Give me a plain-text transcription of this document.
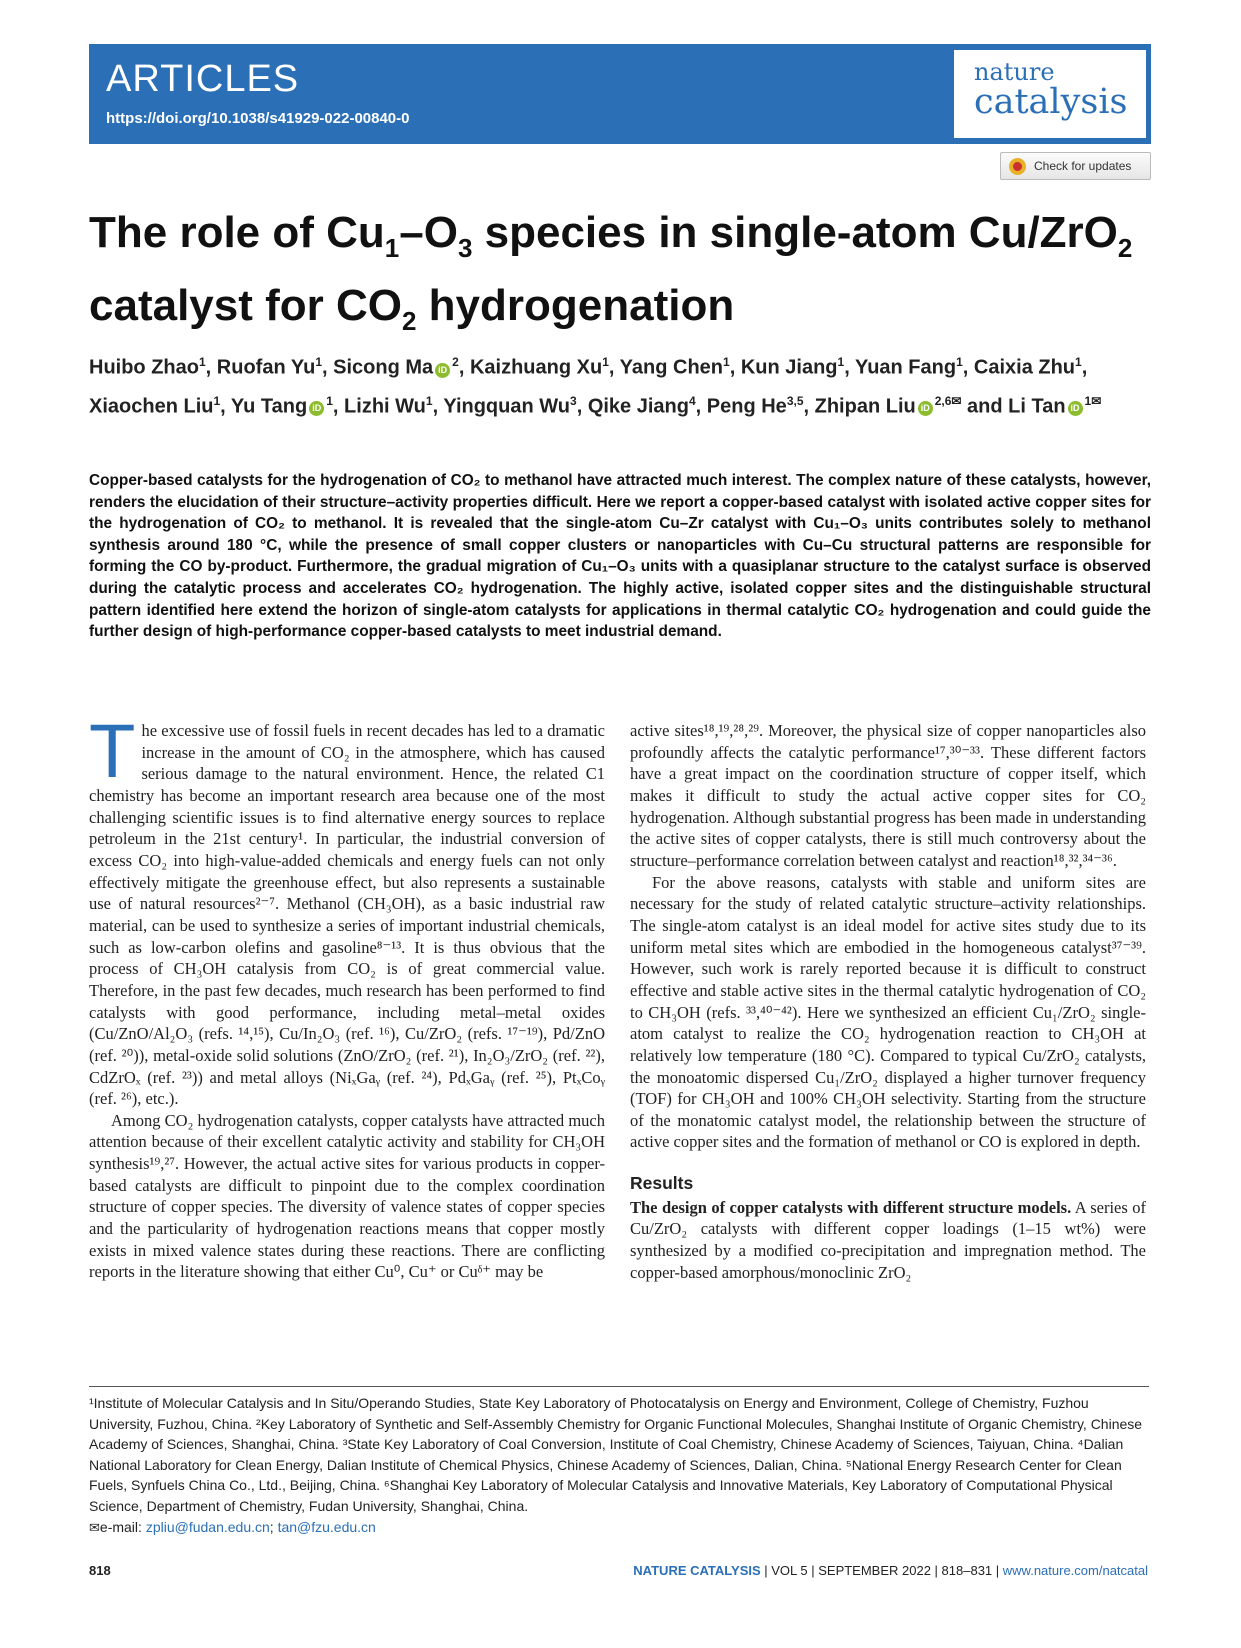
ARTICLES
https://doi.org/10.1038/s41929-022-00840-0
nature
catalysis
Check for updates
The role of $Cu_1-O_3$ species in single-atom Cu/ZrO$_2$
catalyst for $CO_2$ hydrogenation
Huibo Zhao$^1$, Ruofan Yu$^1$, Sicong Ma $iD^2$, Kaizhuang Xu$^1$, Yang Chen$^1$, Kun Jiang$^1$, Yuan Fang$^1$, Caixia Zhu$^1$, Xiaochen Liu$^1$, Yu Tang $iD^1$, Lizhi Wu$^1$, Yingquan Wu$^3$, Qike Jiang$^4$, Peng He$^{3,5}$, Zhipan Liu $iD^{2,6✉}$ and Li Tan $iD^{1✉}$
Copper-based catalysts for the hydrogenation of CO₂ to methanol have attracted much interest. The complex nature of these catalysts, however, renders the elucidation of their structure–activity properties difficult. Here we report a copper-based catalyst with isolated active copper sites for the hydrogenation of CO₂ to methanol. It is revealed that the single-atom Cu–Zr catalyst with Cu₁–O₃ units contributes solely to methanol synthesis around 180 °C, while the presence of small copper clusters or nanoparticles with Cu–Cu structural patterns are responsible for forming the CO by-product. Furthermore, the gradual migration of Cu₁–O₃ units with a quasiplanar structure to the catalyst surface is observed during the catalytic process and accelerates CO₂ hydrogenation. The highly active, isolated copper sites and the distinguishable structural pattern identified here extend the horizon of single-atom catalysts for applications in thermal catalytic CO₂ hydrogenation and could guide the further design of high-performance copper-based catalysts to meet industrial demand.

The excessive use of fossil fuels in recent decades has led to a dramatic increase in the amount of CO₂ in the atmosphere, which has caused serious damage to the natural environment. Hence, the related C1 chemistry has become an important research area because one of the most challenging scientific issues is to find alternative energy sources to replace petroleum in the 21st century¹. In particular, the industrial conversion of excess CO₂ into high-value-added chemicals and energy fuels can not only effectively mitigate the greenhouse effect, but also represents a sustainable use of natural resources²⁻⁷. Methanol (CH₃OH), as a basic industrial raw material, can be used to synthesize a series of important industrial chemicals, such as low-carbon olefins and gasoline⁸⁻¹³. It is thus obvious that the process of CH₃OH catalysis from CO₂ is of great commercial value. Therefore, in the past few decades, much research has been performed to find catalysts with good performance, including metal–metal oxides (Cu/ZnO/Al₂O₃ (refs. ¹⁴,¹⁵), Cu/In₂O₃ (ref. ¹⁶), Cu/ZrO₂ (refs. ¹⁷⁻¹⁹), Pd/ZnO (ref. ²⁰)), metal-oxide solid solutions (ZnO/ZrO₂ (ref. ²¹), In₂O₃/ZrO₂ (ref. ²²), CdZrOₓ (ref. ²³)) and metal alloys (NiₓGaᵧ (ref. ²⁴), PdₓGaᵧ (ref. ²⁵), PtₓCoᵧ (ref. ²⁶), etc.).

Among CO₂ hydrogenation catalysts, copper catalysts have attracted much attention because of their excellent catalytic activity and stability for CH₃OH synthesis¹⁹,²⁷. However, the actual active sites for various products in copper-based catalysts are difficult to pinpoint due to the complex coordination structure of copper species. The diversity of valence states of copper species and the particularity of hydrogenation reactions means that copper mostly exists in mixed valence states during these reactions. There are conflicting reports in the literature showing that either Cu⁰, Cu⁺ or Cuᵟ⁺ may be

active sites¹⁸,¹⁹,²⁸,²⁹. Moreover, the physical size of copper nanoparticles also profoundly affects the catalytic performance¹⁷,³⁰⁻³³. These different factors have a great impact on the coordination structure of copper itself, which makes it difficult to study the actual active copper sites for CO₂ hydrogenation. Although substantial progress has been made in understanding the active sites of copper catalysts, there is still much controversy about the structure–performance correlation between catalyst and reaction¹⁸,³²,³⁴⁻³⁶.

For the above reasons, catalysts with stable and uniform sites are necessary for the study of related catalytic structure–activity relationships. The single-atom catalyst is an ideal model for active sites study due to its uniform metal sites which are embodied in the homogeneous catalyst³⁷⁻³⁹. However, such work is rarely reported because it is difficult to construct effective and stable active sites in the thermal catalytic hydrogenation of CO₂ to CH₃OH (refs. ³³,⁴⁰⁻⁴²). Here we synthesized an efficient Cu₁/ZrO₂ single-atom catalyst to realize the CO₂ hydrogenation reaction to CH₃OH at relatively low temperature (180 °C). Compared to typical Cu/ZrO₂ catalysts, the monoatomic dispersed Cu₁/ZrO₂ displayed a higher turnover frequency (TOF) for CH₃OH and 100% CH₃OH selectivity. Starting from the structure of the monatomic catalyst model, the relationship between the structure of active copper sites and the formation of methanol or CO is explored in depth.

Results

The design of copper catalysts with different structure models. A series of Cu/ZrO₂ catalysts with different copper loadings (1–15 wt%) were synthesized by a modified co-precipitation and impregnation method. The copper-based amorphous/monoclinic ZrO₂

¹Institute of Molecular Catalysis and In Situ/Operando Studies, State Key Laboratory of Photocatalysis on Energy and Environment, College of Chemistry, Fuzhou University, Fuzhou, China. ²Key Laboratory of Synthetic and Self-Assembly Chemistry for Organic Functional Molecules, Shanghai Institute of Organic Chemistry, Chinese Academy of Sciences, Shanghai, China. ³State Key Laboratory of Coal Conversion, Institute of Coal Chemistry, Chinese Academy of Sciences, Taiyuan, China. ⁴Dalian National Laboratory for Clean Energy, Dalian Institute of Chemical Physics, Chinese Academy of Sciences, Dalian, China. ⁵National Energy Research Center for Clean Fuels, Synfuels China Co., Ltd., Beijing, China. ⁶Shanghai Key Laboratory of Molecular Catalysis and Innovative Materials, Key Laboratory of Computational Physical Science, Department of Chemistry, Fudan University, Shanghai, China.
✉e-mail: zpliu@fudan.edu.cn; tan@fzu.edu.cn
818	NATURE CATALYSIS | VOL 5 | SEPTEMBER 2022 | 818–831 | www.nature.com/natcatal
